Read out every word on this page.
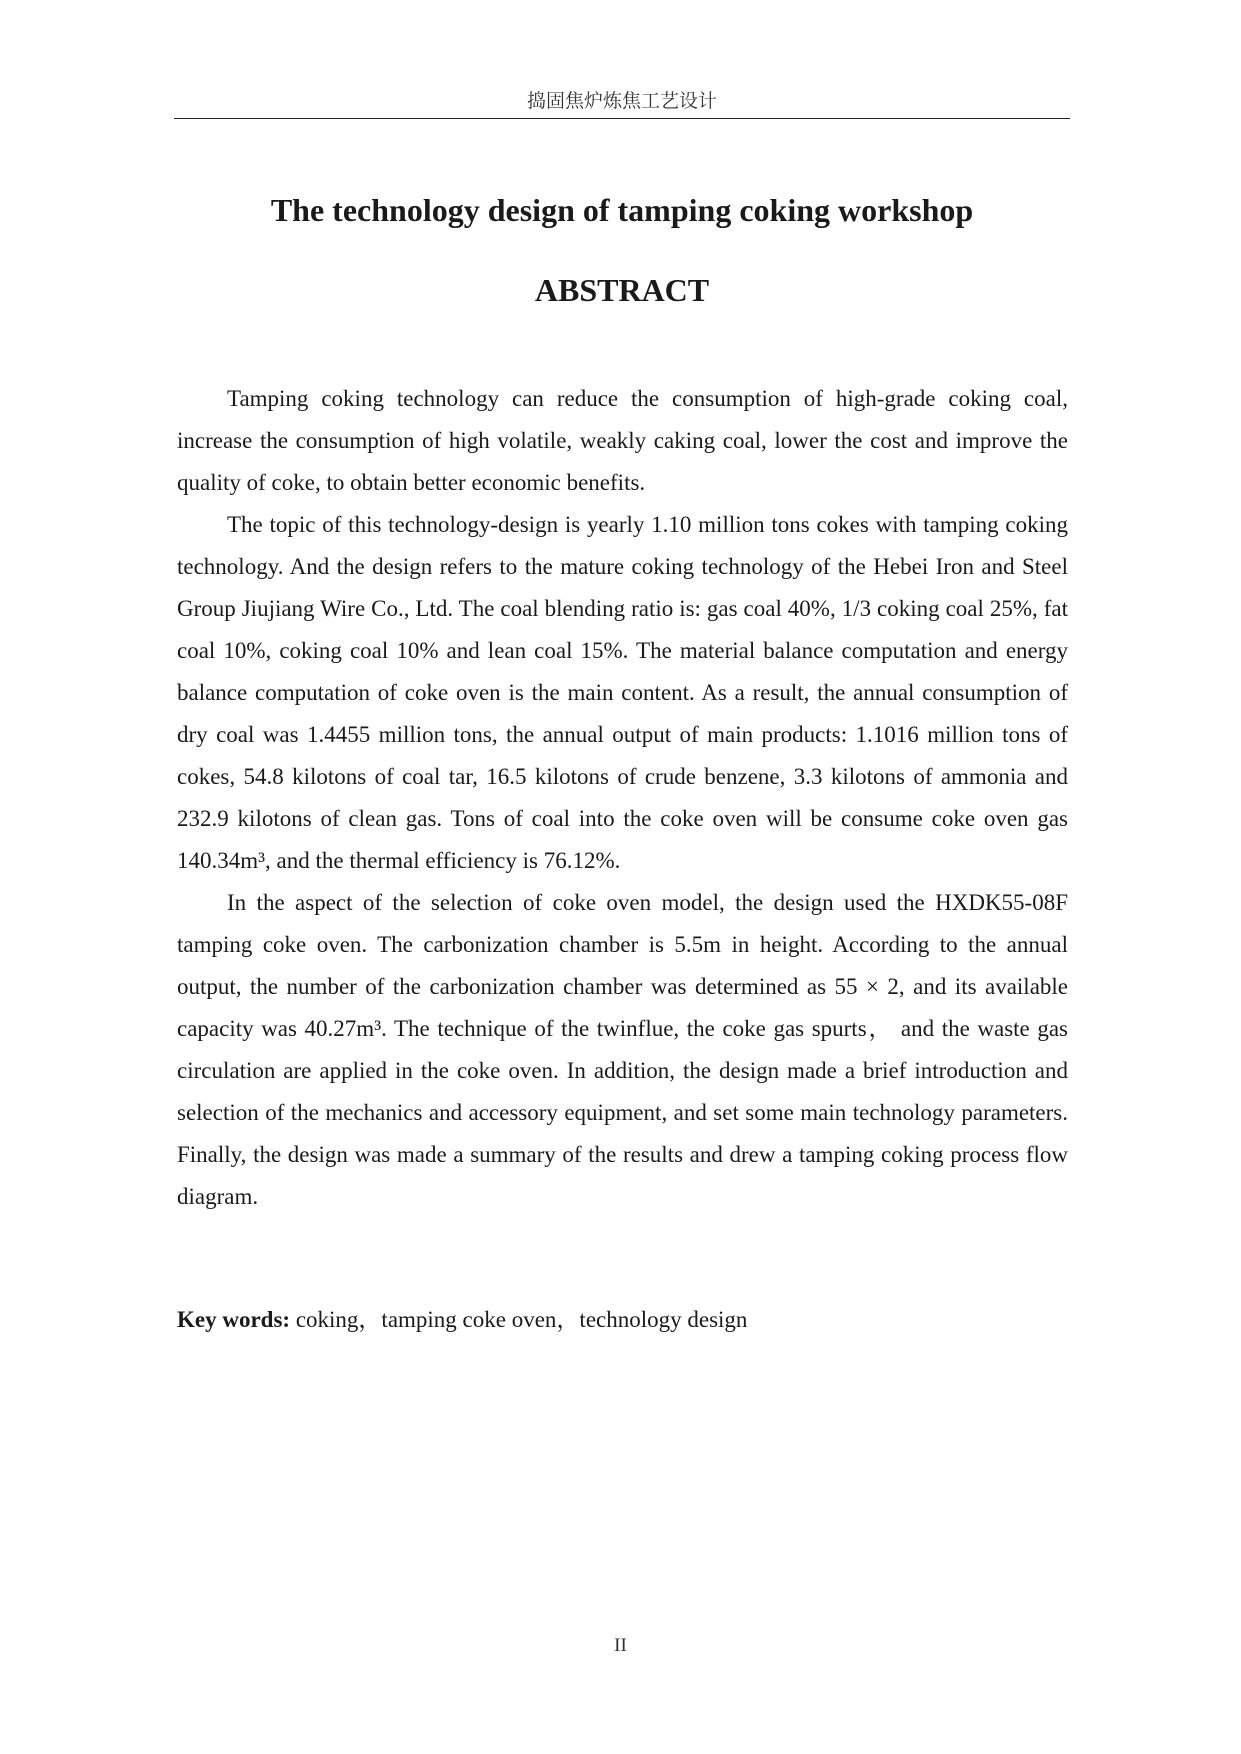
捣固焦炉炼焦工艺设计
The technology design of tamping coking workshop
ABSTRACT

Tamping coking technology can reduce the consumption of high-grade coking coal, increase the consumption of high volatile, weakly caking coal, lower the cost and improve the quality of coke, to obtain better economic benefits.

The topic of this technology-design is yearly 1.10 million tons cokes with tamping coking technology. And the design refers to the mature coking technology of the Hebei Iron and Steel Group Jiujiang Wire Co., Ltd. The coal blending ratio is: gas coal 40%, 1/3 coking coal 25%, fat coal 10%, coking coal 10% and lean coal 15%. The material balance computation and energy balance computation of coke oven is the main content. As a result, the annual consumption of dry coal was 1.4455 million tons, the annual output of main products: 1.1016 million tons of cokes, 54.8 kilotons of coal tar, 16.5 kilotons of crude benzene, 3.3 kilotons of ammonia and 232.9 kilotons of clean gas. Tons of coal into the coke oven will be consume coke oven gas 140.34m³, and the thermal efficiency is 76.12%.

In the aspect of the selection of coke oven model, the design used the HXDK55-08F tamping coke oven. The carbonization chamber is 5.5m in height. According to the annual output, the number of the carbonization chamber was determined as 55 × 2, and its available capacity was 40.27m³. The technique of the twinflue, the coke gas spurts， and the waste gas circulation are applied in the coke oven. In addition, the design made a brief introduction and selection of the mechanics and accessory equipment, and set some main technology parameters. Finally, the design was made a summary of the results and drew a tamping coking process flow diagram.

Key words: coking，tamping coke oven，technology design
II
